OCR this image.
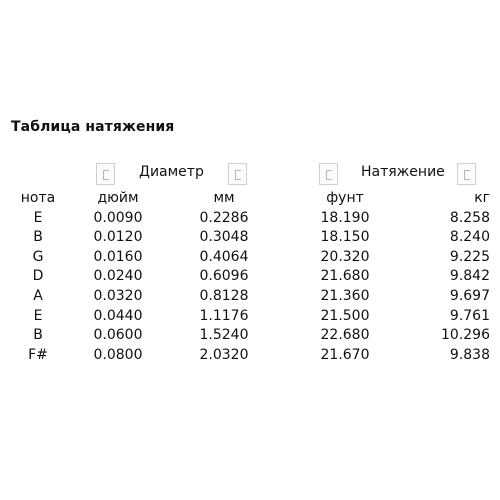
Таблица натяжения
Диаметр	Натяжение
нота	дюйм	мм	фунт	кг
E	0.0090	0.2286	18.190	8.258
B	0.0120	0.3048	18.150	8.240
G	0.0160	0.4064	20.320	9.225
D	0.0240	0.6096	21.680	9.842
A	0.0320	0.8128	21.360	9.697
E	0.0440	1.1176	21.500	9.761
B	0.0600	1.5240	22.680	10.296
F#	0.0800	2.0320	21.670	9.838
